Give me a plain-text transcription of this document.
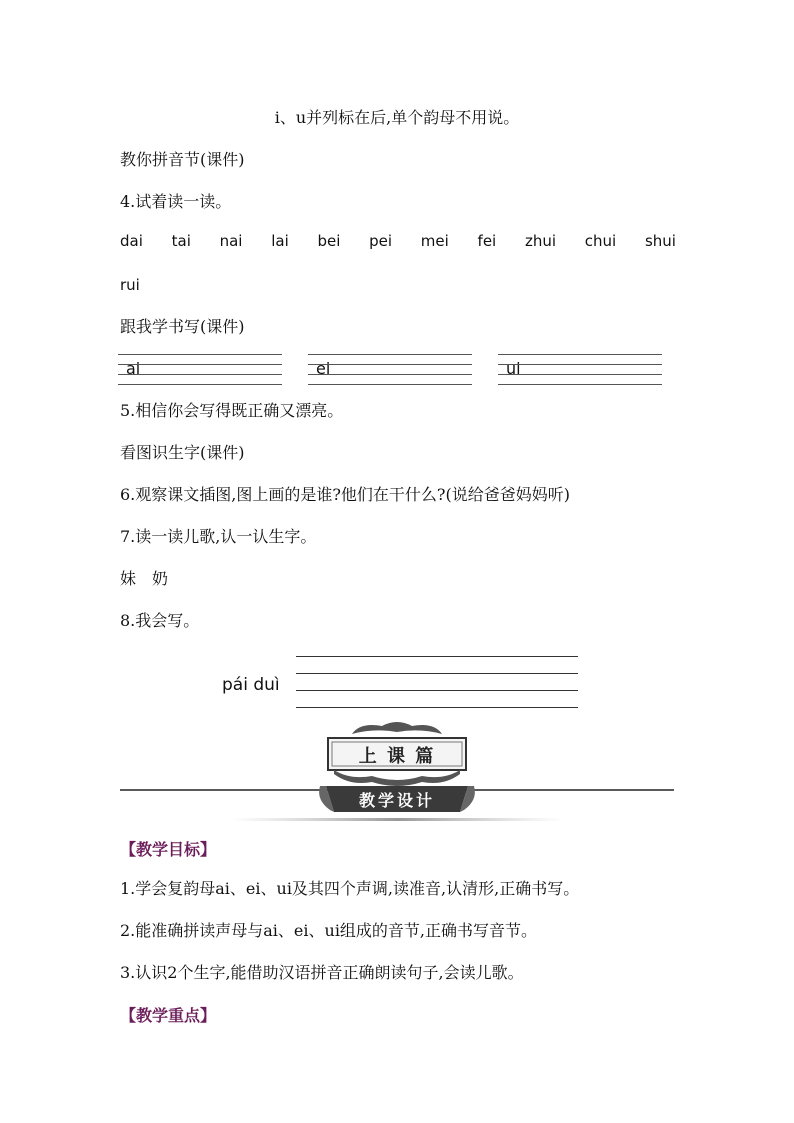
i、u并列标在后,单个韵母不用说。
教你拼音节(课件)
4.试着读一读。
dai tai nai lai bei pei mei fei zhui chui shui
rui
跟我学书写(课件)
ai	ei	ui
5.相信你会写得既正确又漂亮。
看图识生字(课件)
6.观察课文插图,图上画的是谁?他们在干什么?(说给爸爸妈妈听)
7.读一读儿歌,认一认生字。
妹　奶
8.我会写。
pái duì
上 课 篇
教学设计
【教学目标】
1.学会复韵母ai、ei、ui及其四个声调,读准音,认清形,正确书写。
2.能准确拼读声母与ai、ei、ui组成的音节,正确书写音节。
3.认识2个生字,能借助汉语拼音正确朗读句子,会读儿歌。
【教学重点】
